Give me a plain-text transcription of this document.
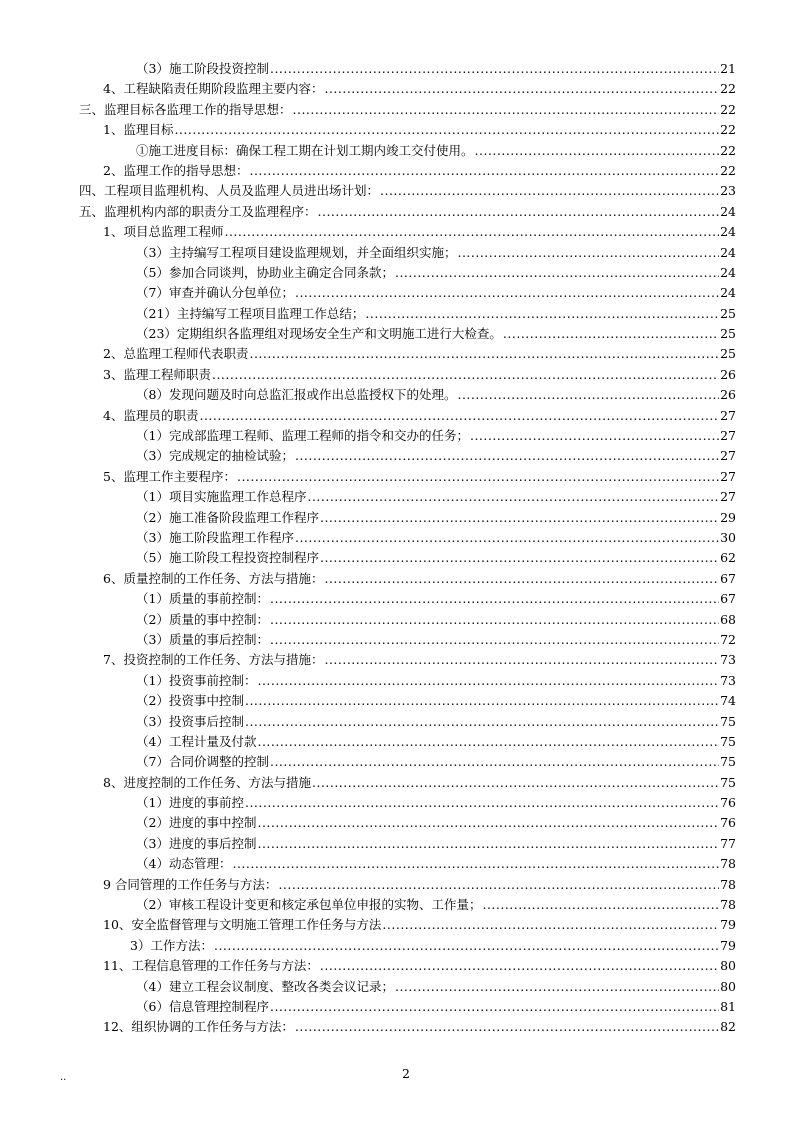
（3）施工阶段投资控制 .....	21
4、工程缺陷责任期阶段监理主要内容： .....	22
三、监理目标各监理工作的指导思想： .....	22
1、监理目标 .....	22
①施工进度目标：确保工程工期在计划工期内竣工交付使用。 .....	22
2、监理工作的指导思想： .....	22
四、工程项目监理机构、人员及监理人员进出场计划： .....	23
五、监理机构内部的职责分工及监理程序： .....	24
1、项目总监理工程师 .....	24
（3）主持编写工程项目建设监理规划，并全面组织实施； .....	24
（5）参加合同谈判，协助业主确定合同条款； .....	24
（7）审查并确认分包单位； .....	24
（21）主持编写工程项目监理工作总结； .....	25
（23）定期组织各监理组对现场安全生产和文明施工进行大检查。 .....	25
2、总监理工程师代表职责 .....	25
3、监理工程师职责 .....	26
（8）发现问题及时向总监汇报或作出总监授权下的处理。 .....	26
4、监理员的职责 .....	27
（1）完成部监理工程师、监理工程师的指令和交办的任务； .....	27
（3）完成规定的抽检试验； .....	27
5、监理工作主要程序： .....	27
（1）项目实施监理工作总程序 .....	27
（2）施工准备阶段监理工作程序 .....	29
（3）施工阶段监理工作程序 .....	30
（5）施工阶段工程投资控制程序 .....	62
6、质量控制的工作任务、方法与措施： .....	67
（1）质量的事前控制： .....	67
（2）质量的事中控制： .....	68
（3）质量的事后控制： .....	72
7、投资控制的工作任务、方法与措施： .....	73
（1）投资事前控制： .....	73
（2）投资事中控制 .....	74
（3）投资事后控制 .....	75
（4）工程计量及付款 .....	75
（7）合同价调整的控制 .....	75
8、进度控制的工作任务、方法与措施 .....	75
（1）进度的事前控 .....	76
（2）进度的事中控制 .....	76
（3）进度的事后控制 .....	77
（4）动态管理： .....	78
9 合同管理的工作任务与方法： .....	78
（2）审核工程设计变更和核定承包单位申报的实物、工作量； .....	78
10、安全监督管理与文明施工管理工作任务与方法 .....	79
3）工作方法： .....	79
11、工程信息管理的工作任务与方法： .....	80
（4）建立工程会议制度、整改各类会议记录； .....	80
（6）信息管理控制程序 .....	81
12、组织协调的工作任务与方法： .....	82
..	2
